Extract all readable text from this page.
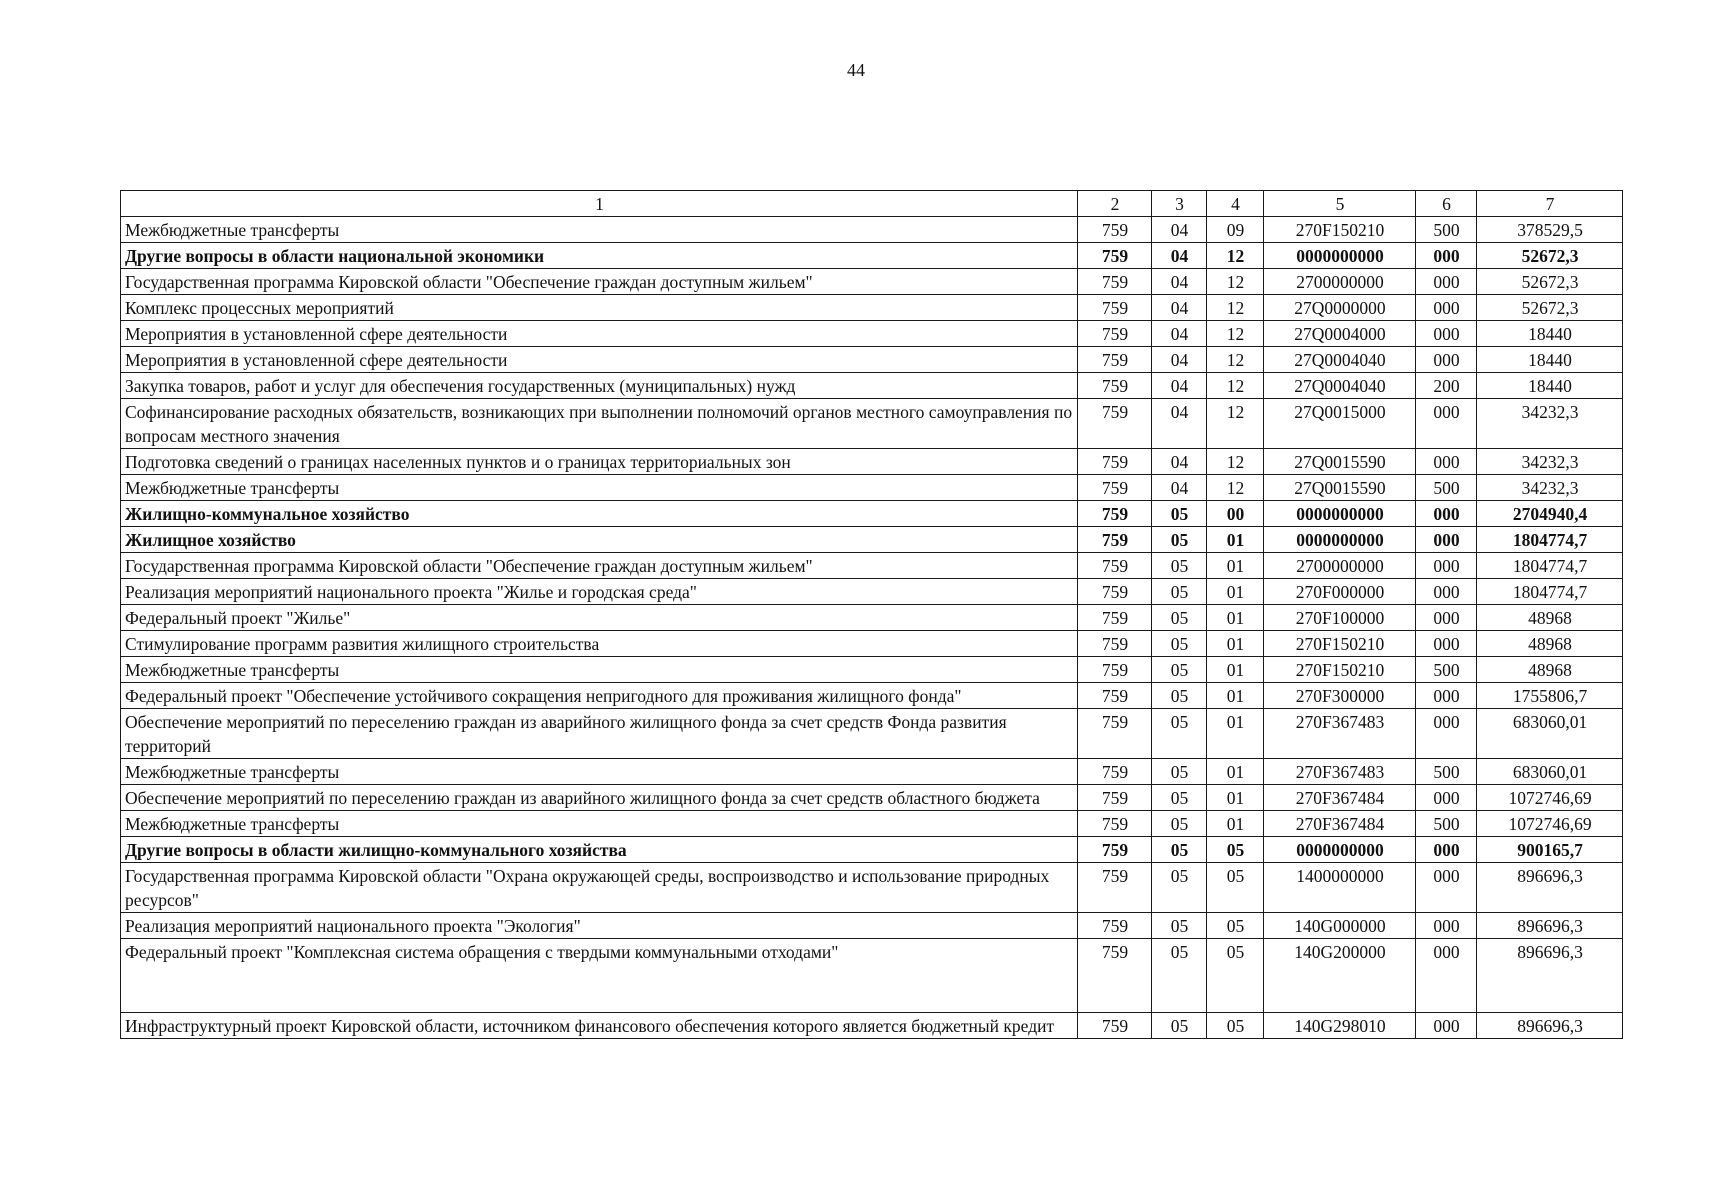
44
1	2	3	4	5	6	7
Межбюджетные трансферты	759	04	09	270F150210	500	378529,5
Другие вопросы в области национальной экономики	759	04	12	0000000000	000	52672,3
Государственная программа Кировской области "Обеспечение граждан доступным жильем"	759	04	12	2700000000	000	52672,3
Комплекс процессных мероприятий	759	04	12	27Q0000000	000	52672,3
Мероприятия в установленной сфере деятельности	759	04	12	27Q0004000	000	18440
Мероприятия в установленной сфере деятельности	759	04	12	27Q0004040	000	18440
Закупка товаров, работ и услуг для обеспечения государственных (муниципальных) нужд	759	04	12	27Q0004040	200	18440
Софинансирование расходных обязательств, возникающих при выполнении полномочий органов местного самоуправления по вопросам местного значения	759	04	12	27Q0015000	000	34232,3
Подготовка сведений о границах населенных пунктов и о границах территориальных зон	759	04	12	27Q0015590	000	34232,3
Межбюджетные трансферты	759	04	12	27Q0015590	500	34232,3
Жилищно-коммунальное хозяйство	759	05	00	0000000000	000	2704940,4
Жилищное хозяйство	759	05	01	0000000000	000	1804774,7
Государственная программа Кировской области "Обеспечение граждан доступным жильем"	759	05	01	2700000000	000	1804774,7
Реализация мероприятий национального проекта "Жилье и городская среда"	759	05	01	270F000000	000	1804774,7
Федеральный проект "Жилье"	759	05	01	270F100000	000	48968
Стимулирование программ развития жилищного строительства	759	05	01	270F150210	000	48968
Межбюджетные трансферты	759	05	01	270F150210	500	48968
Федеральный проект "Обеспечение устойчивого сокращения непригодного для проживания жилищного фонда"	759	05	01	270F300000	000	1755806,7
Обеспечение мероприятий по переселению граждан из аварийного жилищного фонда за счет средств Фонда развития территорий	759	05	01	270F367483	000	683060,01
Межбюджетные трансферты	759	05	01	270F367483	500	683060,01
Обеспечение мероприятий по переселению граждан из аварийного жилищного фонда за счет средств областного бюджета	759	05	01	270F367484	000	1072746,69
Межбюджетные трансферты	759	05	01	270F367484	500	1072746,69
Другие вопросы в области жилищно-коммунального хозяйства	759	05	05	0000000000	000	900165,7
Государственная программа Кировской области "Охрана окружающей среды, воспроизводство и использование природных ресурсов"	759	05	05	1400000000	000	896696,3
Реализация мероприятий национального проекта "Экология"	759	05	05	140G000000	000	896696,3
Федеральный проект "Комплексная система обращения с твердыми коммунальными отходами"	759	05	05	140G200000	000	896696,3
Инфраструктурный проект Кировской области, источником финансового обеспечения которого является бюджетный кредит	759	05	05	140G298010	000	896696,3
